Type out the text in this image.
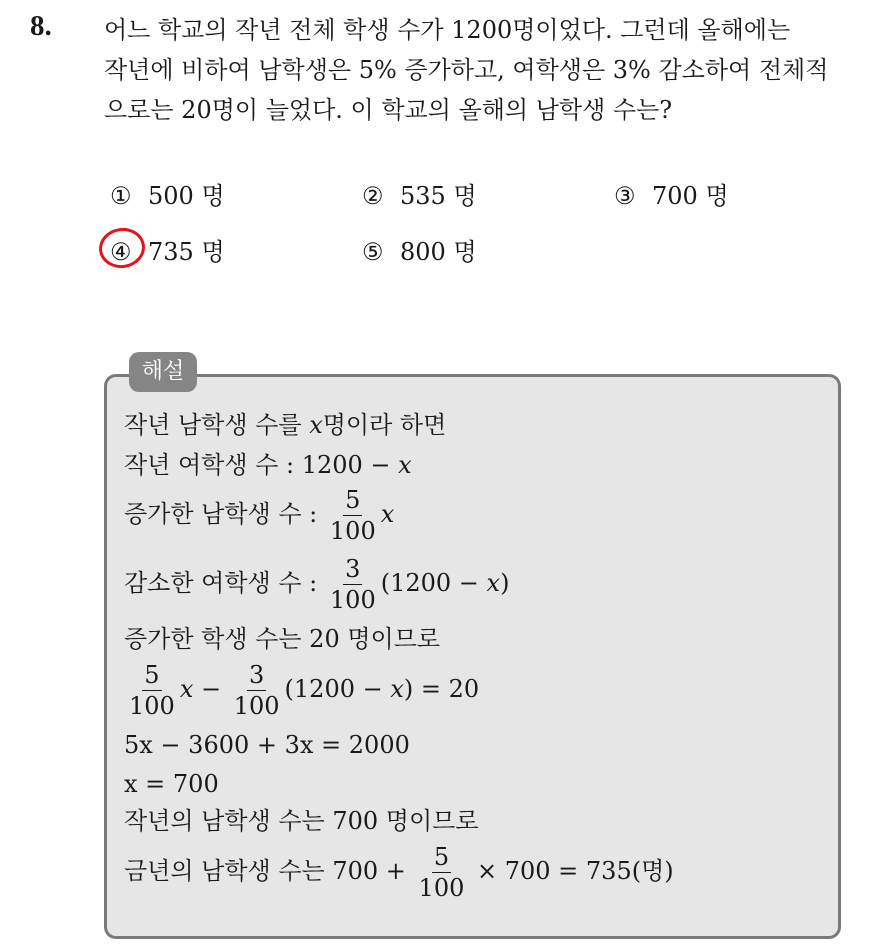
8. 어느 학교의 작년 전체 학생 수가 1200명이었다. 그런데 올해에는
작년에 비하여 남학생은 5% 증가하고, 여학생은 3% 감소하여 전체적
으로는 20명이 늘었다. 이 학교의 올해의 남학생 수는?
① 500 명	② 535 명	③ 700 명
④ 735 명	⑤ 800 명
해설
작년 남학생 수를 x명이라 하면
작년 여학생 수 : 1200 − x
증가한 남학생 수 : $\frac{5}{100}$ x
감소한 여학생 수 : $\frac{3}{100} (1200 - x)$
증가한 학생 수는 20 명이므로
$\frac{5}{100}$ $x - \frac{3}{100} (1200 - x) = 20$
5x − 3600 + 3x = 2000
x = 700
작년의 남학생 수는 700 명이므로
금년의 남학생 수는 $700 + \frac{5}{100} \times 700 = 735$(명)
